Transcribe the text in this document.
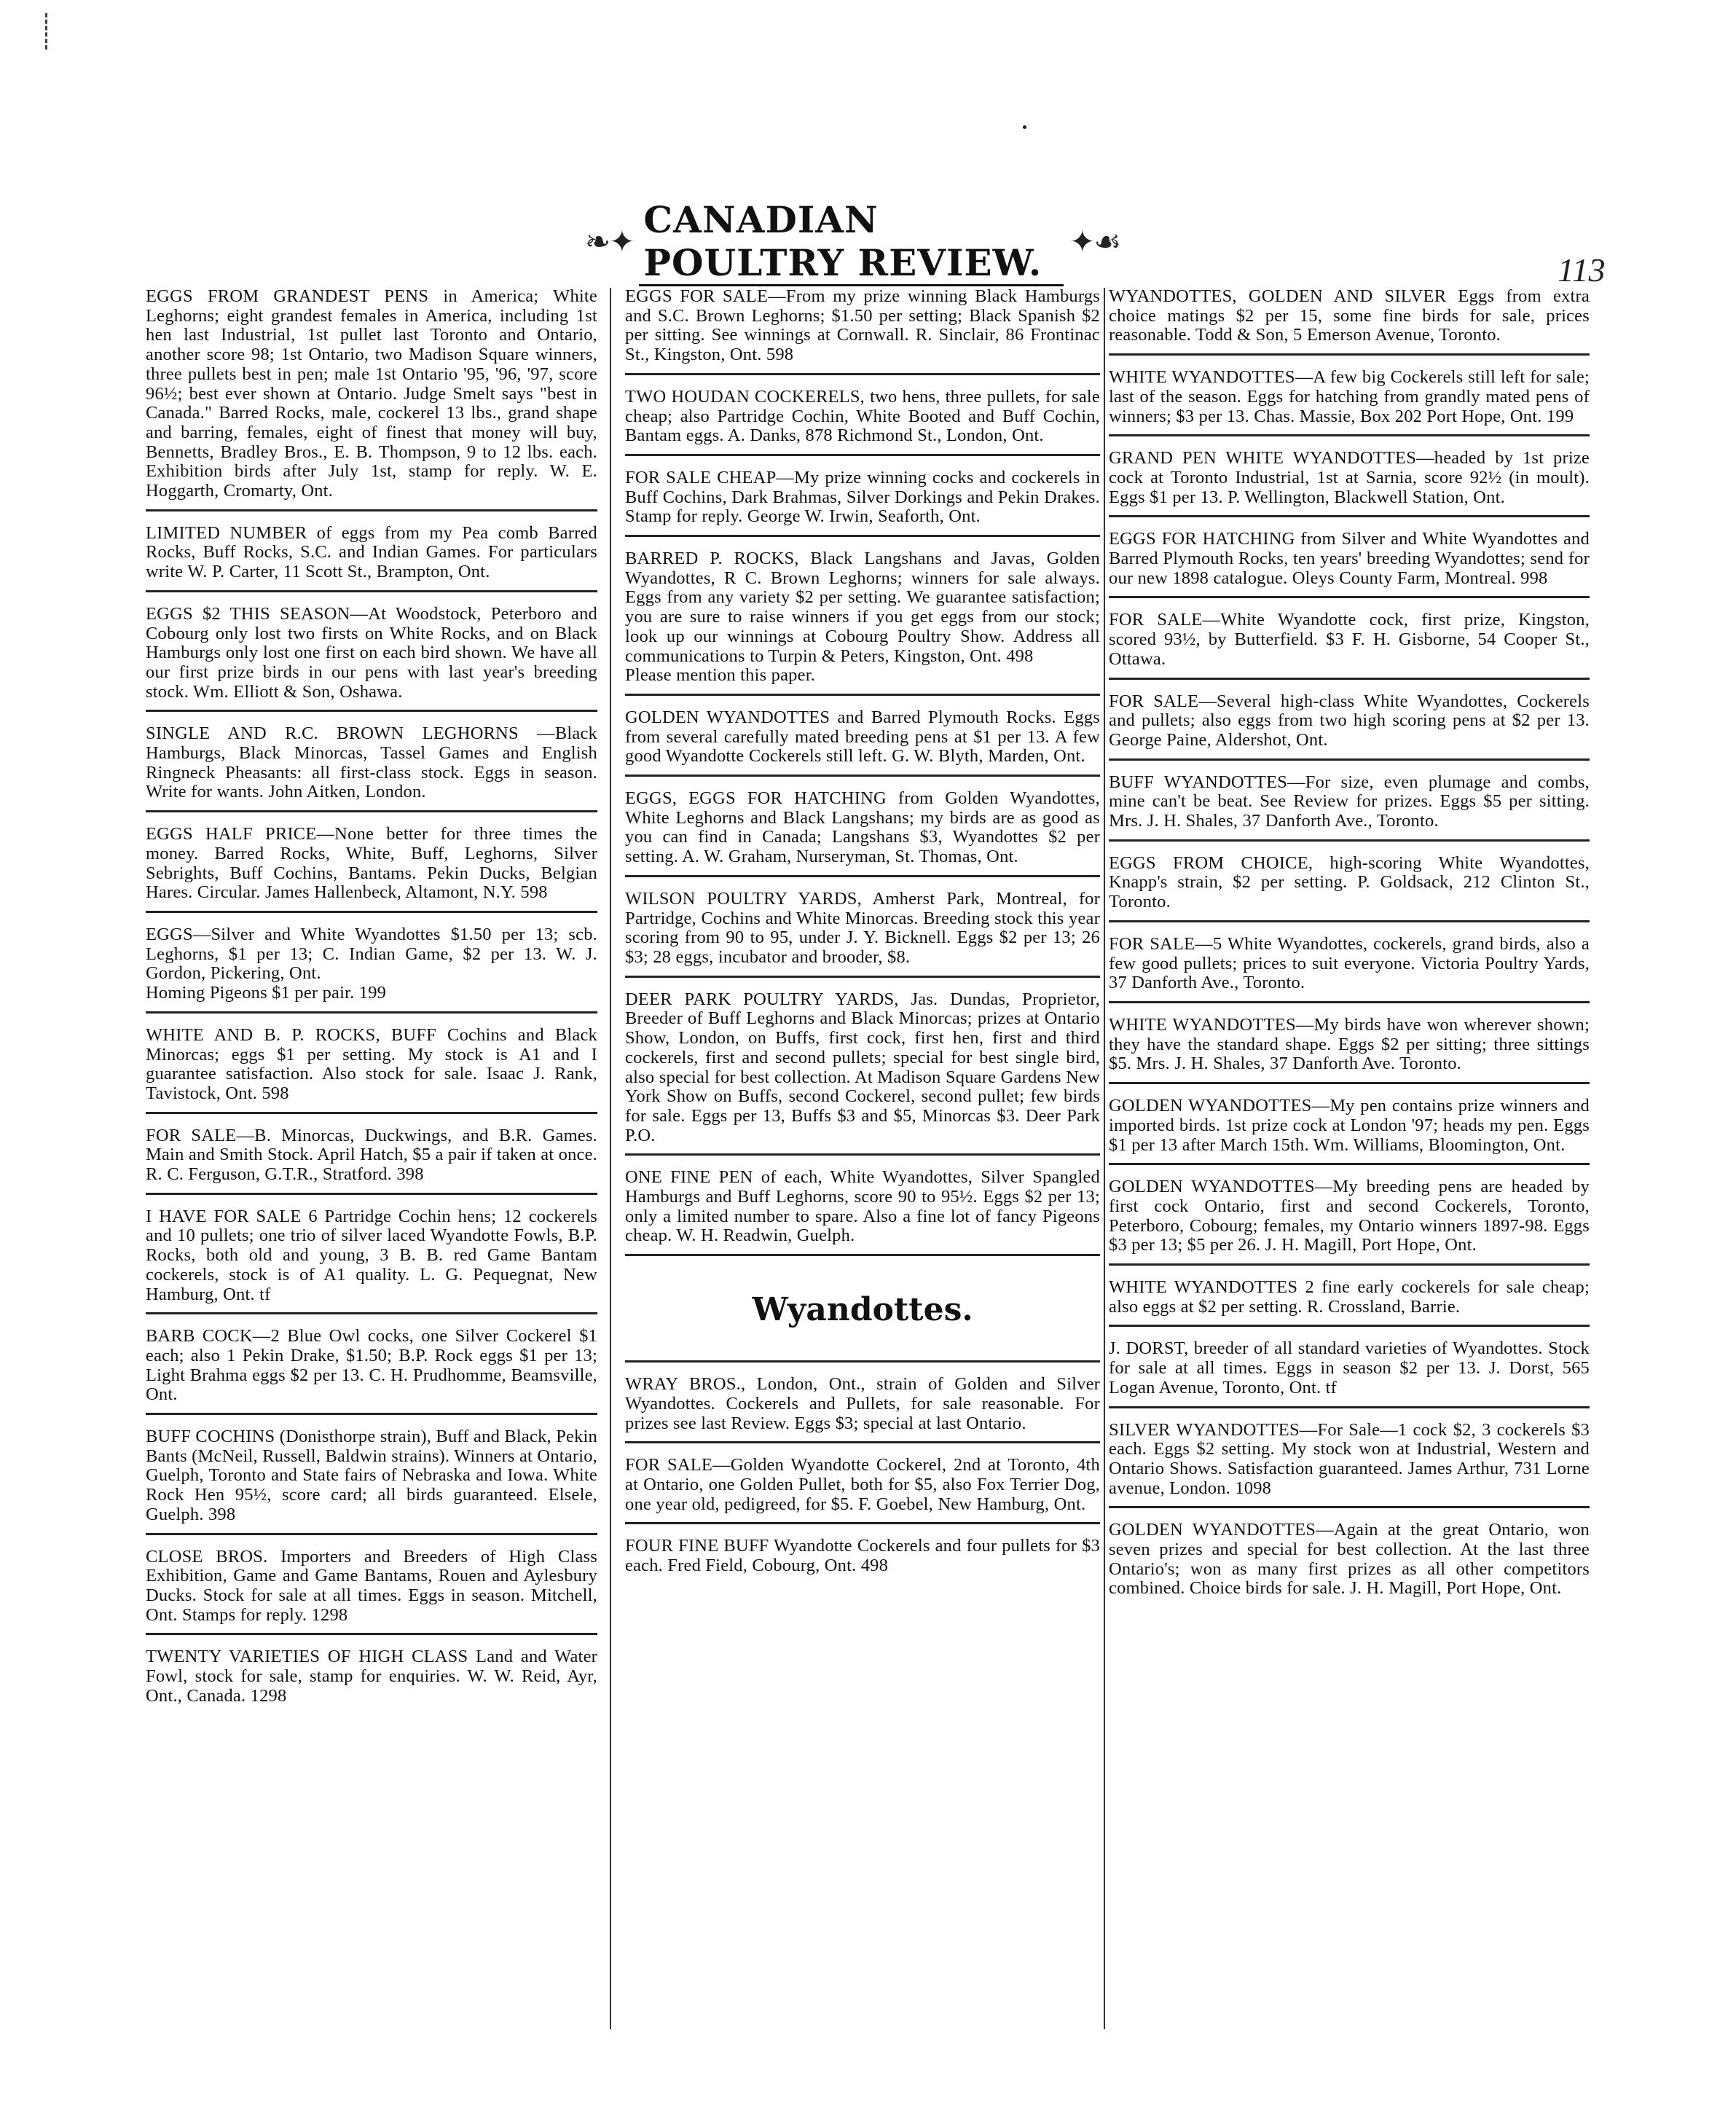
❧✦
CANADIAN POULTRY REVIEW. ✦☙
113
EGGS FROM GRANDEST PENS in America; White Leghorns; eight grandest females in America, including 1st hen last Industrial, 1st pullet last Toronto and Ontario, another score 98; 1st Ontario, two Madison Square winners, three pullets best in pen; male 1st Ontario '95, '96, '97, score 96½; best ever shown at Ontario. Judge Smelt says "best in Canada." Barred Rocks, male, cockerel 13 lbs., grand shape and barring, females, eight of finest that money will buy, Bennetts, Bradley Bros., E. B. Thompson, 9 to 12 lbs. each. Exhibition birds after July 1st, stamp for reply. W. E. Hoggarth, Cromarty, Ont.
LIMITED NUMBER of eggs from my Pea comb Barred Rocks, Buff Rocks, S.C. and Indian Games. For particulars write W. P. Carter, 11 Scott St., Brampton, Ont.
EGGS $2 THIS SEASON—At Woodstock, Peterboro and Cobourg only lost two firsts on White Rocks, and on Black Hamburgs only lost one first on each bird shown. We have all our first prize birds in our pens with last year's breeding stock. Wm. Elliott & Son, Oshawa.
SINGLE AND R.C. BROWN LEGHORNS —Black Hamburgs, Black Minorcas, Tassel Games and English Ringneck Pheasants: all first-class stock. Eggs in season. Write for wants. John Aitken, London.
EGGS HALF PRICE—None better for three times the money. Barred Rocks, White, Buff, Leghorns, Silver Sebrights, Buff Cochins, Bantams. Pekin Ducks, Belgian Hares. Circular. James Hallenbeck, Altamont, N.Y. 598
EGGS—Silver and White Wyandottes $1.50 per 13; scb. Leghorns, $1 per 13; C. Indian Game, $2 per 13. W. J. Gordon, Pickering, Ont.
Homing Pigeons $1 per pair. 199
WHITE AND B. P. ROCKS, BUFF Cochins and Black Minorcas; eggs $1 per setting. My stock is A1 and I guarantee satisfaction. Also stock for sale. Isaac J. Rank, Tavistock, Ont. 598
FOR SALE—B. Minorcas, Duckwings, and B.R. Games. Main and Smith Stock. April Hatch, $5 a pair if taken at once. R. C. Ferguson, G.T.R., Stratford. 398
I HAVE FOR SALE 6 Partridge Cochin hens; 12 cockerels and 10 pullets; one trio of silver laced Wyandotte Fowls, B.P. Rocks, both old and young, 3 B. B. red Game Bantam cockerels, stock is of A1 quality. L. G. Pequegnat, New Hamburg, Ont. tf
BARB COCK—2 Blue Owl cocks, one Silver Cockerel $1 each; also 1 Pekin Drake, $1.50; B.P. Rock eggs $1 per 13; Light Brahma eggs $2 per 13. C. H. Prudhomme, Beamsville, Ont.
BUFF COCHINS (Donisthorpe strain), Buff and Black, Pekin Bants (McNeil, Russell, Baldwin strains). Winners at Ontario, Guelph, Toronto and State fairs of Nebraska and Iowa. White Rock Hen 95½, score card; all birds guaranteed. Elsele, Guelph. 398
CLOSE BROS. Importers and Breeders of High Class Exhibition, Game and Game Bantams, Rouen and Aylesbury Ducks. Stock for sale at all times. Eggs in season. Mitchell, Ont. Stamps for reply. 1298
TWENTY VARIETIES OF HIGH CLASS Land and Water Fowl, stock for sale, stamp for enquiries. W. W. Reid, Ayr, Ont., Canada. 1298
EGGS FOR SALE—From my prize winning Black Hamburgs and S.C. Brown Leghorns; $1.50 per setting; Black Spanish $2 per sitting. See winnings at Cornwall. R. Sinclair, 86 Frontinac St., Kingston, Ont. 598
TWO HOUDAN COCKERELS, two hens, three pullets, for sale cheap; also Partridge Cochin, White Booted and Buff Cochin, Bantam eggs. A. Danks, 878 Richmond St., London, Ont.
FOR SALE CHEAP—My prize winning cocks and cockerels in Buff Cochins, Dark Brahmas, Silver Dorkings and Pekin Drakes. Stamp for reply. George W. Irwin, Seaforth, Ont.
BARRED P. ROCKS, Black Langshans and Javas, Golden Wyandottes, R C. Brown Leghorns; winners for sale always. Eggs from any variety $2 per setting. We guarantee satisfaction; you are sure to raise winners if you get eggs from our stock; look up our winnings at Cobourg Poultry Show. Address all communications to Turpin & Peters, Kingston, Ont. 498
Please mention this paper.
GOLDEN WYANDOTTES and Barred Plymouth Rocks. Eggs from several carefully mated breeding pens at $1 per 13. A few good Wyandotte Cockerels still left. G. W. Blyth, Marden, Ont.
EGGS, EGGS FOR HATCHING from Golden Wyandottes, White Leghorns and Black Langshans; my birds are as good as you can find in Canada; Langshans $3, Wyandottes $2 per setting. A. W. Graham, Nurseryman, St. Thomas, Ont.
WILSON POULTRY YARDS, Amherst Park, Montreal, for Partridge, Cochins and White Minorcas. Breeding stock this year scoring from 90 to 95, under J. Y. Bicknell. Eggs $2 per 13; 26 $3; 28 eggs, incubator and brooder, $8.
DEER PARK POULTRY YARDS, Jas. Dundas, Proprietor, Breeder of Buff Leghorns and Black Minorcas; prizes at Ontario Show, London, on Buffs, first cock, first hen, first and third cockerels, first and second pullets; special for best single bird, also special for best collection. At Madison Square Gardens New York Show on Buffs, second Cockerel, second pullet; few birds for sale. Eggs per 13, Buffs $3 and $5, Minorcas $3. Deer Park P.O.
ONE FINE PEN of each, White Wyandottes, Silver Spangled Hamburgs and Buff Leghorns, score 90 to 95½. Eggs $2 per 13; only a limited number to spare. Also a fine lot of fancy Pigeons cheap. W. H. Readwin, Guelph.
Wyandottes.
WRAY BROS., London, Ont., strain of Golden and Silver Wyandottes. Cockerels and Pullets, for sale reasonable. For prizes see last Review. Eggs $3; special at last Ontario.
FOR SALE—Golden Wyandotte Cockerel, 2nd at Toronto, 4th at Ontario, one Golden Pullet, both for $5, also Fox Terrier Dog, one year old, pedigreed, for $5. F. Goebel, New Hamburg, Ont.
FOUR FINE BUFF Wyandotte Cockerels and four pullets for $3 each. Fred Field, Cobourg, Ont. 498
WYANDOTTES, GOLDEN AND SILVER Eggs from extra choice matings $2 per 15, some fine birds for sale, prices reasonable. Todd & Son, 5 Emerson Avenue, Toronto.
WHITE WYANDOTTES—A few big Cockerels still left for sale; last of the season. Eggs for hatching from grandly mated pens of winners; $3 per 13. Chas. Massie, Box 202 Port Hope, Ont. 199
GRAND PEN WHITE WYANDOTTES—headed by 1st prize cock at Toronto Industrial, 1st at Sarnia, score 92½ (in moult). Eggs $1 per 13. P. Wellington, Blackwell Station, Ont.
EGGS FOR HATCHING from Silver and White Wyandottes and Barred Plymouth Rocks, ten years' breeding Wyandottes; send for our new 1898 catalogue. Oleys County Farm, Montreal. 998
FOR SALE—White Wyandotte cock, first prize, Kingston, scored 93½, by Butterfield. $3 F. H. Gisborne, 54 Cooper St., Ottawa.
FOR SALE—Several high-class White Wyandottes, Cockerels and pullets; also eggs from two high scoring pens at $2 per 13. George Paine, Aldershot, Ont.
BUFF WYANDOTTES—For size, even plumage and combs, mine can't be beat. See Review for prizes. Eggs $5 per sitting. Mrs. J. H. Shales, 37 Danforth Ave., Toronto.
EGGS FROM CHOICE, high-scoring White Wyandottes, Knapp's strain, $2 per setting. P. Goldsack, 212 Clinton St., Toronto.
FOR SALE—5 White Wyandottes, cockerels, grand birds, also a few good pullets; prices to suit everyone. Victoria Poultry Yards, 37 Danforth Ave., Toronto.
WHITE WYANDOTTES—My birds have won wherever shown; they have the standard shape. Eggs $2 per sitting; three sittings $5. Mrs. J. H. Shales, 37 Danforth Ave. Toronto.
GOLDEN WYANDOTTES—My pen contains prize winners and imported birds. 1st prize cock at London '97; heads my pen. Eggs $1 per 13 after March 15th. Wm. Williams, Bloomington, Ont.
GOLDEN WYANDOTTES—My breeding pens are headed by first cock Ontario, first and second Cockerels, Toronto, Peterboro, Cobourg; females, my Ontario winners 1897-98. Eggs $3 per 13; $5 per 26. J. H. Magill, Port Hope, Ont.
WHITE WYANDOTTES 2 fine early cockerels for sale cheap; also eggs at $2 per setting. R. Crossland, Barrie.
J. DORST, breeder of all standard varieties of Wyandottes. Stock for sale at all times. Eggs in season $2 per 13. J. Dorst, 565 Logan Avenue, Toronto, Ont. tf
SILVER WYANDOTTES—For Sale—1 cock $2, 3 cockerels $3 each. Eggs $2 setting. My stock won at Industrial, Western and Ontario Shows. Satisfaction guaranteed. James Arthur, 731 Lorne avenue, London. 1098
GOLDEN WYANDOTTES—Again at the great Ontario, won seven prizes and special for best collection. At the last three Ontario's; won as many first prizes as all other competitors combined. Choice birds for sale. J. H. Magill, Port Hope, Ont.
